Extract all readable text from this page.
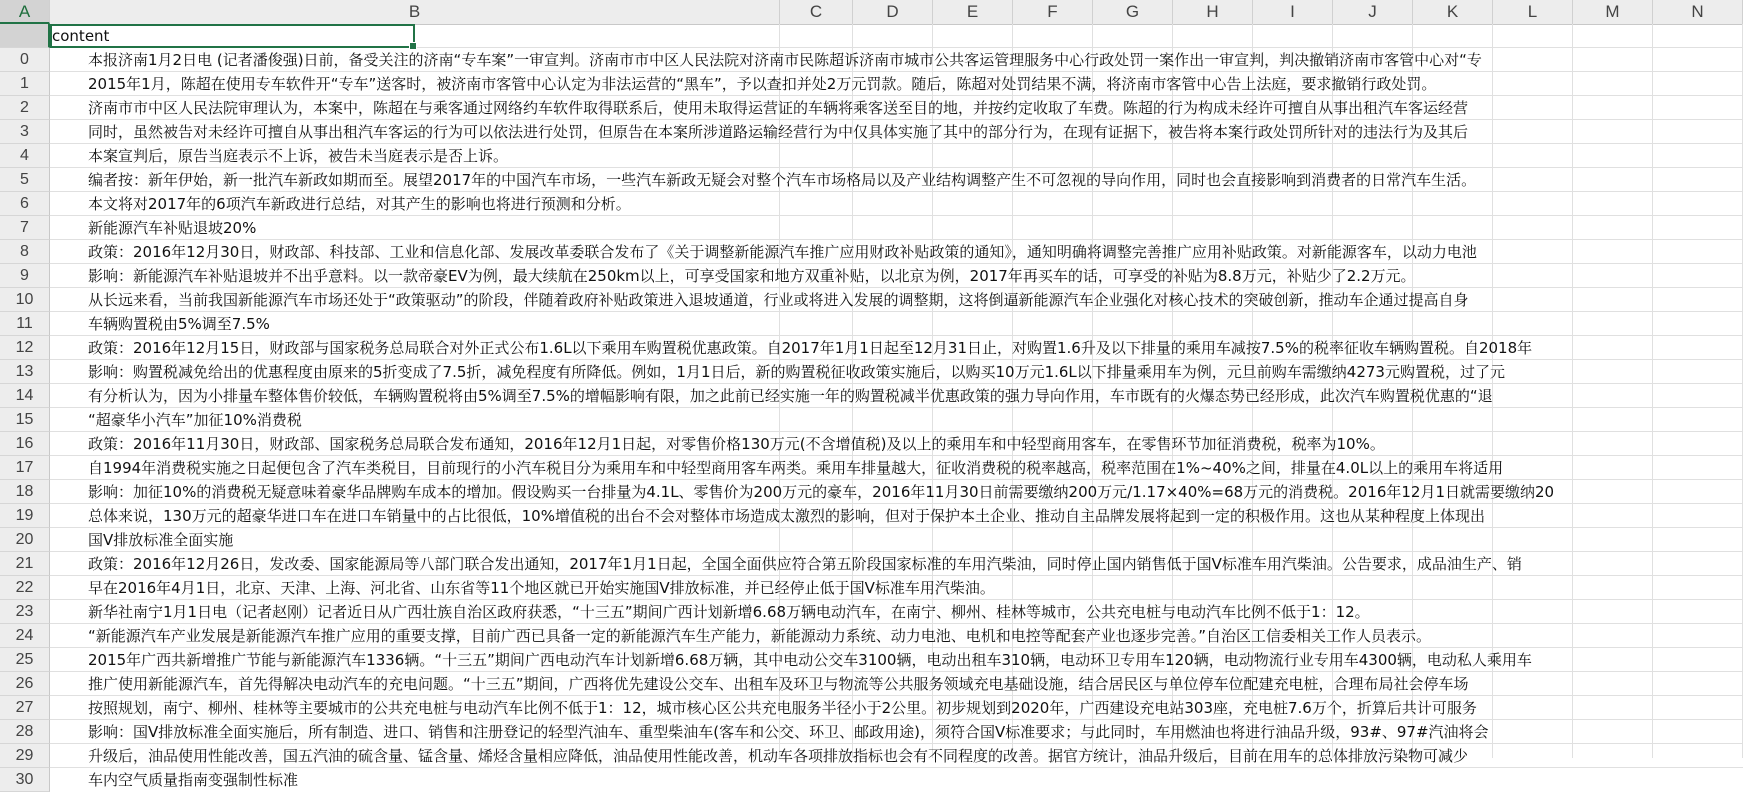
A	B	C	D	E	F	G	H	I	J	K	L	M	N
content
0	本报济南1月2日电 (记者潘俊强)日前，备受关注的济南“专车案”一审宣判。济南市市中区人民法院对济南市民陈超诉济南市城市公共客运管理服务中心行政处罚一案作出一审宣判，判决撤销济南市客管中心对“专
1	2015年1月，陈超在使用专车软件开“专车”送客时，被济南市客管中心认定为非法运营的“黑车”，予以查扣并处2万元罚款。随后，陈超对处罚结果不满，将济南市客管中心告上法庭，要求撤销行政处罚。
2	济南市市中区人民法院审理认为，本案中，陈超在与乘客通过网络约车软件取得联系后，使用未取得运营证的车辆将乘客送至目的地，并按约定收取了车费。陈超的行为构成未经许可擅自从事出租汽车客运经营
3	同时，虽然被告对未经许可擅自从事出租汽车客运的行为可以依法进行处罚，但原告在本案所涉道路运输经营行为中仅具体实施了其中的部分行为，在现有证据下，被告将本案行政处罚所针对的违法行为及其后
4	本案宣判后，原告当庭表示不上诉，被告未当庭表示是否上诉。
5	编者按：新年伊始，新一批汽车新政如期而至。展望2017年的中国汽车市场，一些汽车新政无疑会对整个汽车市场格局以及产业结构调整产生不可忽视的导向作用，同时也会直接影响到消费者的日常汽车生活。
6	本文将对2017年的6项汽车新政进行总结，对其产生的影响也将进行预测和分析。
7	新能源汽车补贴退坡20%
8	政策：2016年12月30日，财政部、科技部、工业和信息化部、发展改革委联合发布了《关于调整新能源汽车推广应用财政补贴政策的通知》，通知明确将调整完善推广应用补贴政策。对新能源客车，以动力电池
9	影响：新能源汽车补贴退坡并不出乎意料。以一款帝豪EV为例，最大续航在250km以上，可享受国家和地方双重补贴，以北京为例，2017年再买车的话，可享受的补贴为8.8万元，补贴少了2.2万元。
10	从长远来看，当前我国新能源汽车市场还处于“政策驱动”的阶段，伴随着政府补贴政策进入退坡通道，行业或将进入发展的调整期，这将倒逼新能源汽车企业强化对核心技术的突破创新，推动车企通过提高自身
11	车辆购置税由5%调至7.5%
12	政策：2016年12月15日，财政部与国家税务总局联合对外正式公布1.6L以下乘用车购置税优惠政策。自2017年1月1日起至12月31日止，对购置1.6升及以下排量的乘用车减按7.5%的税率征收车辆购置税。自2018年
13	影响：购置税减免给出的优惠程度由原来的5折变成了7.5折，减免程度有所降低。例如，1月1日后，新的购置税征收政策实施后，以购买10万元1.6L以下排量乘用车为例，元旦前购车需缴纳4273元购置税，过了元
14	有分析认为，因为小排量车整体售价较低，车辆购置税将由5%调至7.5%的增幅影响有限，加之此前已经实施一年的购置税减半优惠政策的强力导向作用，车市既有的火爆态势已经形成，此次汽车购置税优惠的“退
15	“超豪华小汽车”加征10%消费税
16	政策：2016年11月30日，财政部、国家税务总局联合发布通知，2016年12月1日起，对零售价格130万元(不含增值税)及以上的乘用车和中轻型商用客车，在零售环节加征消费税，税率为10%。
17	自1994年消费税实施之日起便包含了汽车类税目，目前现行的小汽车税目分为乘用车和中轻型商用客车两类。乘用车排量越大，征收消费税的税率越高，税率范围在1%~40%之间，排量在4.0L以上的乘用车将适用
18	影响：加征10%的消费税无疑意味着豪华品牌购车成本的增加。假设购买一台排量为4.1L、零售价为200万元的豪车，2016年11月30日前需要缴纳200万元/1.17×40%=68万元的消费税。2016年12月1日就需要缴纳20
19	总体来说，130万元的超豪华进口车在进口车销量中的占比很低，10%增值税的出台不会对整体市场造成太激烈的影响，但对于保护本土企业、推动自主品牌发展将起到一定的积极作用。这也从某种程度上体现出
20	国Ⅴ排放标准全面实施
21	政策：2016年12月26日，发改委、国家能源局等八部门联合发出通知，2017年1月1日起，全国全面供应符合第五阶段国家标准的车用汽柴油，同时停止国内销售低于国Ⅴ标准车用汽柴油。公告要求，成品油生产、销
22	早在2016年4月1日，北京、天津、上海、河北省、山东省等11个地区就已开始实施国Ⅴ排放标准，并已经停止低于国Ⅴ标准车用汽柴油。
23	新华社南宁1月1日电（记者赵刚）记者近日从广西壮族自治区政府获悉，“十三五”期间广西计划新增6.68万辆电动汽车，在南宁、柳州、桂林等城市，公共充电桩与电动汽车比例不低于1：12。
24	“新能源汽车产业发展是新能源汽车推广应用的重要支撑，目前广西已具备一定的新能源汽车生产能力，新能源动力系统、动力电池、电机和电控等配套产业也逐步完善。”自治区工信委相关工作人员表示。
25	2015年广西共新增推广节能与新能源汽车1336辆。“十三五”期间广西电动汽车计划新增6.68万辆，其中电动公交车3100辆，电动出租车310辆，电动环卫专用车120辆，电动物流行业专用车4300辆，电动私人乘用车
26	推广使用新能源汽车，首先得解决电动汽车的充电问题。“十三五”期间，广西将优先建设公交车、出租车及环卫与物流等公共服务领域充电基础设施，结合居民区与单位停车位配建充电桩，合理布局社会停车场
27	按照规划，南宁、柳州、桂林等主要城市的公共充电桩与电动汽车比例不低于1：12，城市核心区公共充电服务半径小于2公里。初步规划到2020年，广西建设充电站303座，充电桩7.6万个，折算后共计可服务
28	影响：国Ⅴ排放标准全面实施后，所有制造、进口、销售和注册登记的轻型汽油车、重型柴油车(客车和公交、环卫、邮政用途)，须符合国Ⅴ标准要求；与此同时，车用燃油也将进行油品升级，93#、97#汽油将会
29	升级后，油品使用性能改善，国五汽油的硫含量、锰含量、烯烃含量相应降低，油品使用性能改善，机动车各项排放指标也会有不同程度的改善。据官方统计，油品升级后，目前在用车的总体排放污染物可减少
30	车内空气质量指南变强制性标准
